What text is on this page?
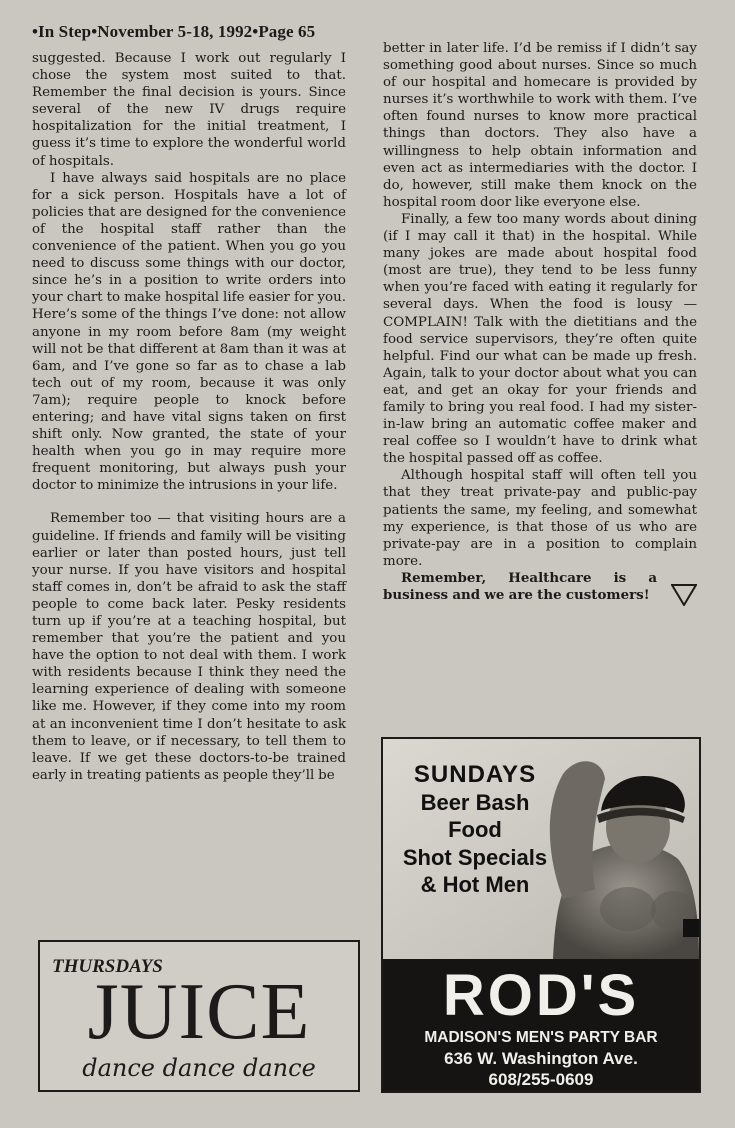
•In Step•November 5-18, 1992•Page 65

suggested. Because I work out regularly I chose the system most suited to that. Remember the final decision is yours. Since several of the new IV drugs require hospitalization for the initial treatment, I guess it’s time to explore the wonderful world of hospitals.

I have always said hospitals are no place for a sick person. Hospitals have a lot of policies that are designed for the convenience of the hospital staff rather than the convenience of the patient. When you go you need to discuss some things with our doctor, since he’s in a position to write orders into your chart to make hospital life easier for you. Here’s some of the things I’ve done: not allow anyone in my room before 8am (my weight will not be that different at 8am than it was at 6am, and I’ve gone so far as to chase a lab tech out of my room, because it was only 7am); require people to knock before entering; and have vital signs taken on first shift only. Now granted, the state of your health when you go in may require more frequent monitoring, but always push your doctor to minimize the intrusions in your life.

Remember too — that visiting hours are a guideline. If friends and family will be visiting earlier or later than posted hours, just tell your nurse. If you have visitors and hospital staff comes in, don’t be afraid to ask the staff people to come back later. Pesky residents turn up if you’re at a teaching hospital, but remember that you’re the patient and you have the option to not deal with them. I work with residents because I think they need the learning experience of dealing with someone like me. However, if they come into my room at an inconvenient time I don’t hesitate to ask them to leave, or if necessary, to tell them to leave. If we get these doctors-to-be trained early in treating patients as people they’ll be

better in later life. I’d be remiss if I didn’t say something good about nurses. Since so much of our hospital and homecare is provided by nurses it’s worthwhile to work with them. I’ve often found nurses to know more practical things than doctors. They also have a willingness to help obtain information and even act as intermediaries with the doctor. I do, however, still make them knock on the hospital room door like everyone else.

Finally, a few too many words about dining (if I may call it that) in the hospital. While many jokes are made about hospital food (most are true), they tend to be less funny when you’re faced with eating it regularly for several days. When the food is lousy — COMPLAIN! Talk with the dietitians and the food service supervisors, they’re often quite helpful. Find our what can be made up fresh. Again, talk to your doctor about what you can eat, and get an okay for your friends and family to bring you real food. I had my sister-in-law bring an automatic coffee maker and real coffee so I wouldn’t have to drink what the hospital passed off as coffee.

Although hospital staff will often tell you that they treat private-pay and public-pay patients the same, my feeling, and somewhat my experience, is that those of us who are private-pay are in a position to complain more.

Remember, Healthcare is a business and we are the customers!

THURSDAYS
JUICE
dance dance dance
SUNDAYS
Beer Bash
Food
Shot Specials
& Hot Men
ROD'S
MADISON'S MEN'S PARTY BAR
636 W. Washington Ave.
608/255-0609
